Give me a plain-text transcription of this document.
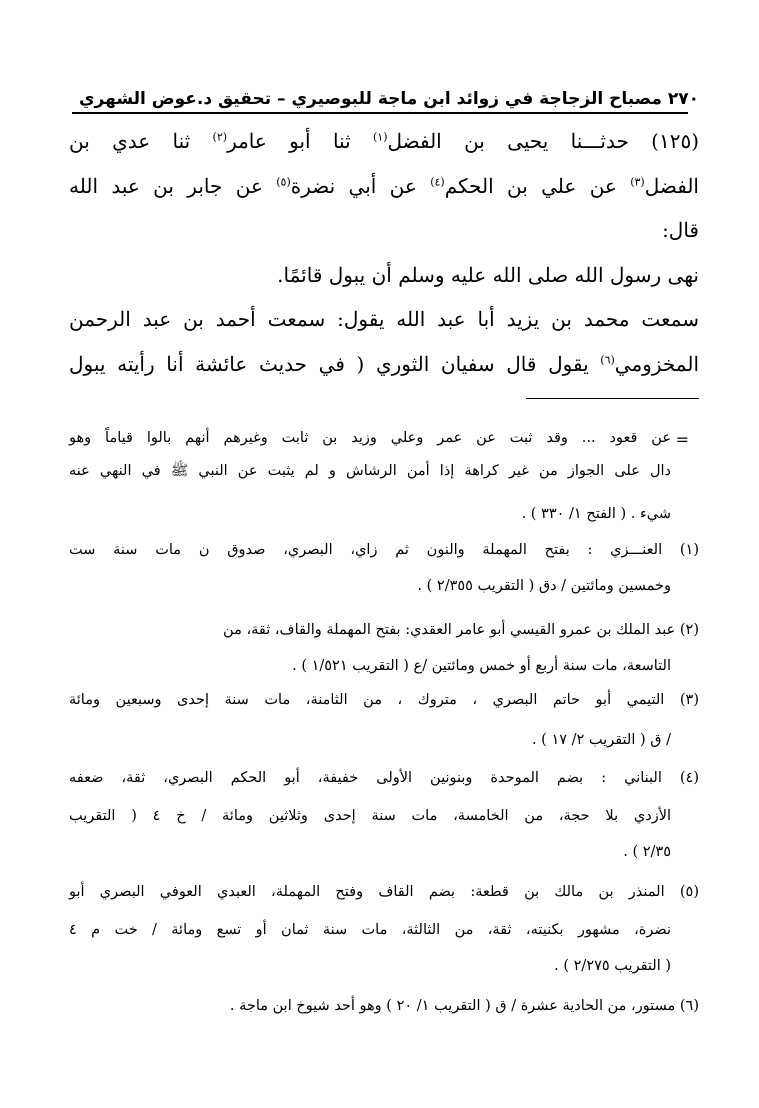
٢٧٠ مصباح الزجاجة في زوائد ابن ماجة للبوصيري – تحقيق د.عوض الشهري
(١٢٥) حدثـــنا يحيى بن الفضل$^{(١)}$ ثنا أبو عامر$^{(٢)}$ ثنا عدي بن
الفضل$^{(٣)}$ عن علي بن الحكم$^{(٤)}$ عن أبي نضرة$^{(٥)}$ عن جابر بن عبد الله
قال:
نهى رسول الله صلى الله عليه وسلم أن يبول قائمًا.
سمعت محمد بن يزيد أبا عبد الله يقول: سمعت أحمد بن عبد الرحمن
المخزومي$^{(٦)}$ يقول قال سفيان الثوري ( في حديث عائشة أنا رأيته يبول
=
عن قعود ... وقد ثبت عن عمر وعلي وزيد بن ثابت وغيرهم أنهم بالوا قياماً وهو
دال على الجواز من غير كراهة إذا أمن الرشاش و لم يثبت عن النبي ﷺ في النهي عنه
شيء . ( الفتح ١/ ٣٣٠ ) .
(١) العنـــزي : بفتح المهملة والنون ثم زاي، البصري، صدوق ن مات سنة ست
وخمسين ومائتين / دق ( التقريب ٢/٣٥٥ ) .
(٢) عبد الملك بن عمرو القيسي أبو عامر العقدي: بفتح المهملة والقاف، ثقة، من
التاسعة، مات سنة أربع أو خمس ومائتين /ع ( التقريب ١/٥٢١ ) .
(٣) التيمي أبو حاتم البصري ، متروك ، من الثامنة، مات سنة إحدى وسبعين ومائة
/ ق ( التقريب ٢/ ١٧ ) .
(٤) البناني : بضم الموحدة وبنونين الأولى خفيفة، أبو الحكم البصري، ثقة، ضعفه
الأزدي بلا حجة، من الخامسة، مات سنة إحدى وثلاثين ومائة / خ ٤ ( التقريب
٢/٣٥ ) .
(٥) المنذر بن مالك بن قطعة: بضم القاف وفتح المهملة، العبدي العوفي البصري أبو
نضرة، مشهور بكنيته، ثقة، من الثالثة، مات سنة ثمان أو تسع ومائة / خت م ٤
( التقريب ٢/٢٧٥ ) .
(٦) مستور، من الحادية عشرة / ق ( التقريب ١/ ٢٠ ) وهو أحد شيوخ ابن ماجة .
